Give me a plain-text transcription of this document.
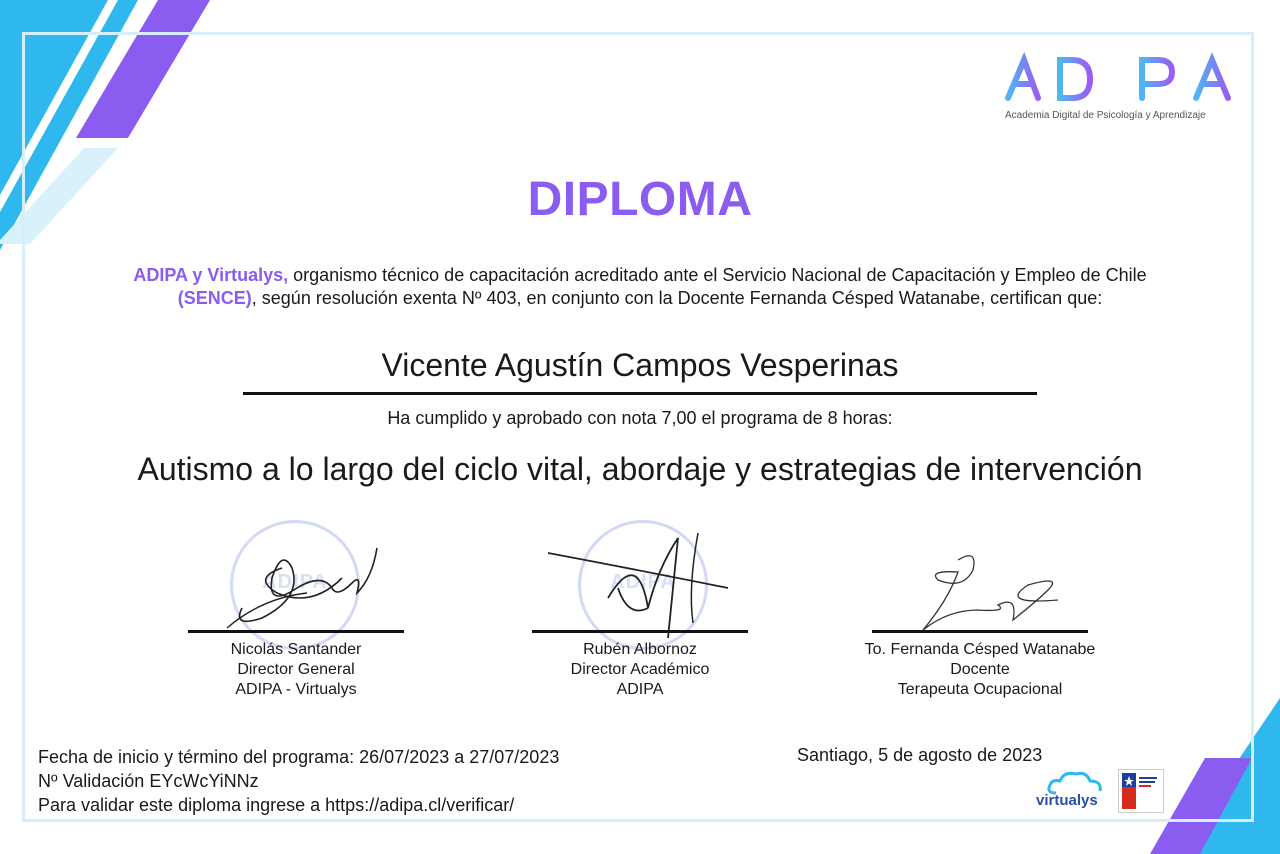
Academia Digital de Psicología y Aprendizaje
DIPLOMA
ADIPA y Virtualys, organismo técnico de capacitación acreditado ante el Servicio Nacional de Capacitación y Empleo de Chile (SENCE), según resolución exenta Nº 403, en conjunto con la Docente Fernanda Césped Watanabe, certifican que:
Vicente Agustín Campos Vesperinas
Ha cumplido y aprobado con nota 7,00 el programa de 8 horas:
Autismo a lo largo del ciclo vital, abordaje y estrategias de intervención
ADIPA	ADIPA
Nicolás Santander
Director General
ADIPA - Virtualys
Rubén Albornoz
Director Académico
ADIPA
To. Fernanda Césped Watanabe
Docente
Terapeuta Ocupacional
Fecha de inicio y término del programa: 26/07/2023 a 27/07/2023
Nº Validación EYcWcYiNNz
Para validar este diploma ingrese a https://adipa.cl/verificar/
Santiago, 5 de agosto de 2023
virtualys
